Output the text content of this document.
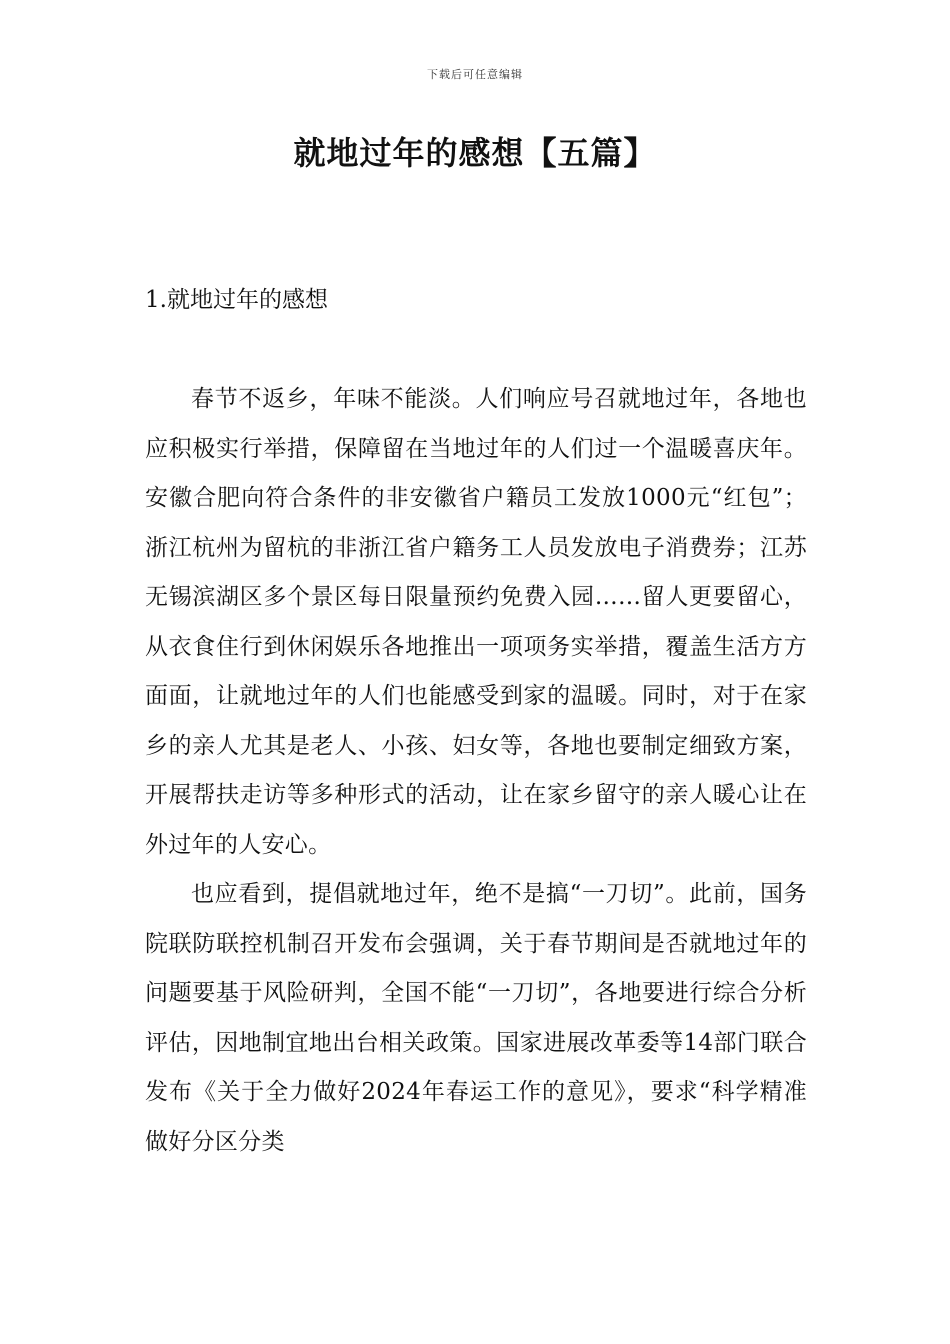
下载后可任意编辑
就地过年的感想【五篇】
1.就地过年的感想

春节不返乡，年味不能淡。人们响应号召就地过年，各地也应积极实行举措，保障留在当地过年的人们过一个温暖喜庆年。安徽合肥向符合条件的非安徽省户籍员工发放1000元“红包”；浙江杭州为留杭的非浙江省户籍务工人员发放电子消费券；江苏无锡滨湖区多个景区每日限量预约免费入园……留人更要留心，从衣食住行到休闲娱乐各地推出一项项务实举措，覆盖生活方方面面，让就地过年的人们也能感受到家的温暖。同时，对于在家乡的亲人尤其是老人、小孩、妇女等，各地也要制定细致方案，开展帮扶走访等多种形式的活动，让在家乡留守的亲人暖心让在外过年的人安心。

也应看到，提倡就地过年，绝不是搞“一刀切”。此前，国务院联防联控机制召开发布会强调，关于春节期间是否就地过年的问题要基于风险研判，全国不能“一刀切”，各地要进行综合分析评估，因地制宜地出台相关政策。国家进展改革委等14部门联合发布《关于全力做好2024年春运工作的意见》，要求“科学精准做好分区分类
